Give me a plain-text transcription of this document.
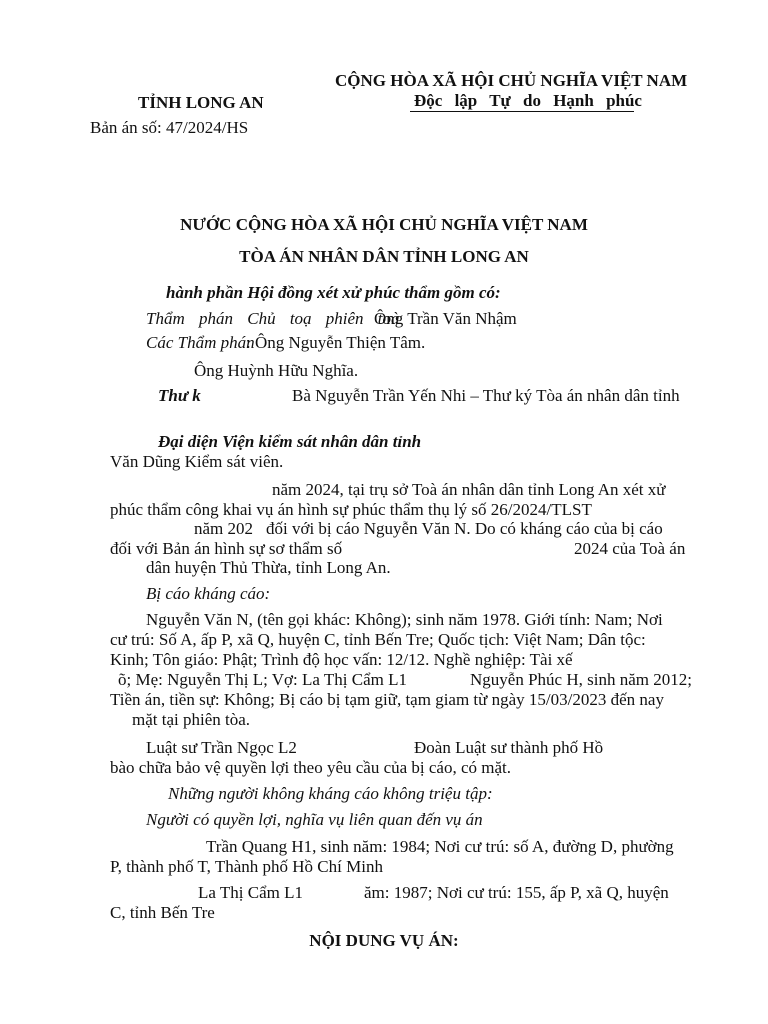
CỘNG HÒA XÃ HỘI CHỦ NGHĨA VIỆT NAM
Độc lập Tự do Hạnh phúc
TỈNH LONG AN
Bản án số: 47/2024/HS
NƯỚC CỘNG HÒA XÃ HỘI CHỦ NGHĨA VIỆT NAM
TÒA ÁN NHÂN DÂN TỈNH LONG AN
hành phần Hội đồng xét xử phúc thẩm gồm có:
Thẩm phán Chủ toạ phiên toà
Ông Trần Văn Nhậm
Các Thẩm phán
: Ông Nguyễn Thiện Tâm.
Ông Huỳnh Hữu Nghĩa.
Thư k	Bà Nguyễn Trần Yến Nhi – Thư ký Tòa án nhân dân tỉnh
Đại diện Viện kiểm sát nhân dân tỉnh
Văn Dũng Kiểm sát viên.
năm 2024, tại trụ sở Toà án nhân dân tỉnh Long An xét xử
phúc thẩm công khai vụ án hình sự phúc thẩm thụ lý số 26/2024/TLST
năm 202 đối với bị cáo Nguyễn Văn N. Do có kháng cáo của bị cáo
đối với Bản án hình sự sơ thẩm số	2024 của Toà án
dân huyện Thủ Thừa, tỉnh Long An.
Bị cáo kháng cáo:
Nguyễn Văn N, (tên gọi khác: Không); sinh năm 1978. Giới tính: Nam; Nơi
cư trú: Số A, ấp P, xã Q, huyện C, tỉnh Bến Tre; Quốc tịch: Việt Nam; Dân tộc:
Kinh; Tôn giáo: Phật; Trình độ học vấn: 12/12. Nghề nghiệp: Tài xế
õ; Mẹ: Nguyễn Thị L; Vợ: La Thị Cẩm L1	Nguyễn Phúc H, sinh năm 2012;
Tiền án, tiền sự: Không; Bị cáo bị tạm giữ, tạm giam từ ngày 15/03/2023 đến nay
mặt tại phiên tòa.
Luật sư Trần Ngọc L2	Đoàn Luật sư thành phố Hồ
bào chữa bảo vệ quyền lợi theo yêu cầu của bị cáo, có mặt.
Những người không kháng cáo không triệu tập:
Người có quyền lợi, nghĩa vụ liên quan đến vụ án
Trần Quang H1, sinh năm: 1984; Nơi cư trú: số A, đường D, phường
P, thành phố T, Thành phố Hồ Chí Minh
La Thị Cẩm L1	ăm: 1987; Nơi cư trú: 155, ấp P, xã Q, huyện
C, tỉnh Bến Tre
NỘI DUNG VỤ ÁN:
